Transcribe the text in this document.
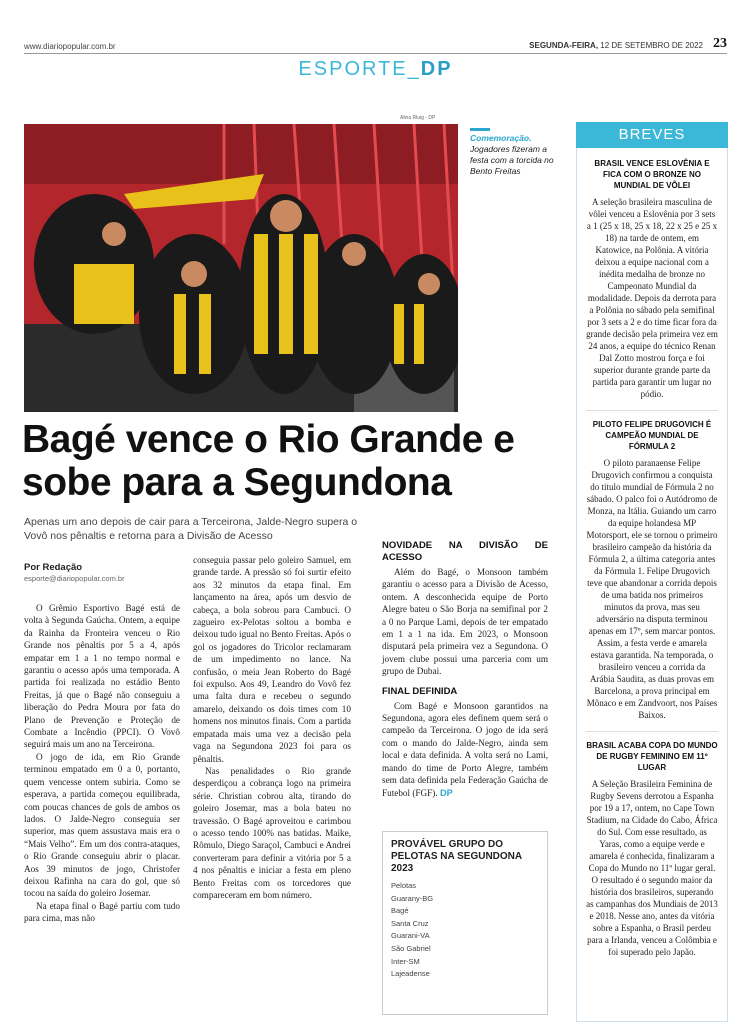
www.diariopopular.com.br	SEGUNDA-FEIRA, 12 DE SETEMBRO DE 2022 23
ESPORTE_DP
Alina Rluig - DP
Comemoração.
Jogadores fizeram a festa com a torcida no Bento Freitas
Bagé vence o Rio Grande e sobe para a Segundona
Apenas um ano depois de cair para a Terceirona, Jalde-Negro supera o Vovô nos pênaltis e retorna para a Divisão de Acesso
Por Redação
esporte@diariopopular.com.br

O Grêmio Esportivo Bagé está de volta à Segunda Gaúcha. Ontem, a equipe da Rainha da Fronteira venceu o Rio Grande nos pênaltis por 5 a 4, após empatar em 1 a 1 no tempo normal e garantiu o acesso após uma temporada. A partida foi realizada no estádio Bento Freitas, já que o Bagé não conseguiu a liberação do Pedra Moura por fata do Plano de Prevenção e Proteção de Combate a Incêndio (PPCI). O Vovô seguirá mais um ano na Terceirona.

O jogo de ida, em Rio Grande terminou empatado em 0 a 0, portanto, quem vencesse ontem subiria. Como se esperava, a partida começou equilibrada, com poucas chances de gols de ambos os lados. O Jalde-Negro conseguia ser superior, mas quem assustava mais era o “Mais Velho”. Em um dos contra-ataques, o Rio Grande conseguiu abrir o placar. Aos 39 minutos de jogo, Christofer deixou Rafinha na cara do gol, que só tocou na saída do goleiro Josemar.

Na etapa final o Bagé partiu com tudo para cima, mas não

conseguia passar pelo goleiro Samuel, em grande tarde. A pressão só foi surtir efeito aos 32 minutos da etapa final. Em lançamento na área, após um desvio de cabeça, a bola sobrou para Cambuci. O zagueiro ex-Pelotas soltou a bomba e deixou tudo igual no Bento Freitas. Após o gol os jogadores do Tricolor reclamaram de um impedimento no lance. Na confusão, o meia Jean Roberto do Bagé foi expulso. Aos 49, Leandro do Vovô fez uma falta dura e recebeu o segundo amarelo, deixando os dois times com 10 homens nos minutos finais. Com a partida empatada mais uma vez a decisão pela vaga na Segundona 2023 foi para os pênaltis.

Nas penalidades o Rio grande desperdiçou a cobrança logo na primeira série. Christian cobrou alta, tirando do goleiro Josemar, mas a bola bateu no travessão. O Bagé aproveitou e carimbou o acesso tendo 100% nas batidas. Maike, Rômulo, Diego Saraçol, Cambuci e Andrei converteram para definir a vitória por 5 a 4 nos pênaltis e iniciar a festa em pleno Bento Freitas com os torcedores que compareceram em bom número.

NOVIDADE NA DIVISÃO DE ACESSO

Além do Bagé, o Monsoon também garantiu o acesso para a Divisão de Acesso, ontem. A desconhecida equipe de Porto Alegre bateu o São Borja na semifinal por 2 a 0 no Parque Lami, depois de ter empatado em 1 a 1 na ida. Em 2023, o Monsoon disputará pela primeira vez a Segundona. O jovem clube possui uma parceria com um grupo de Dubai.

FINAL DEFINIDA

Com Bagé e Monsoon garantidos na Segundona, agora eles definem quem será o campeão da Terceirona. O jogo de ida será com o mando do Jalde-Negro, ainda sem local e data definida. A volta será no Lami, mando do time de Porto Alegre, também sem data definida pela Federação Gaúcha de Futebol (FGF). DP

PROVÁVEL GRUPO DO PELOTAS NA SEGUNDONA 2023
Pelotas
Guarany-BG
Bagé
Santa Cruz
Guarani-VA
São Gabriel
Inter-SM
Lajeadense
BREVES
BRASIL VENCE ESLOVÊNIA E FICA COM O BRONZE NO MUNDIAL DE VÔLEI

A seleção brasileira masculina de vôlei venceu a Eslovênia por 3 sets a 1 (25 x 18, 25 x 18, 22 x 25 e 25 x 18) na tarde de ontem, em Katowice, na Polônia. A vitória deixou a equipe nacional com a inédita medalha de bronze no Campeonato Mundial da modalidade. Depois da derrota para a Polônia no sábado pela semifinal por 3 sets a 2 e do time ficar fora da grande decisão pela primeira vez em 24 anos, a equipe do técnico Renan Dal Zotto mostrou força e foi superior durante grande parte da partida para garantir um lugar no pódio.

PILOTO FELIPE DRUGOVICH É CAMPEÃO MUNDIAL DE FÓRMULA 2

O piloto paranaense Felipe Drugovich confirmou a conquista do título mundial de Fórmula 2 no sábado. O palco foi o Autódromo de Monza, na Itália. Guiando um carro da equipe holandesa MP Motorsport, ele se tornou o primeiro brasileiro campeão da história da Fórmula 2, a última categoria antes da Fórmula 1. Felipe Drugovich teve que abandonar a corrida depois de uma batida nos primeiros minutos da prova, mas seu adversário na disputa terminou apenas em 17º, sem marcar pontos. Assim, a festa verde e amarela estava garantida. Na temporada, o brasileiro venceu a corrida da Arábia Saudita, as duas provas em Barcelona, a prova principal em Mônaco e em Zandvoort, nos Países Baixos.

BRASIL ACABA COPA DO MUNDO DE RUGBY FEMININO EM 11º LUGAR

A Seleção Brasileira Feminina de Rugby Sevens derrotou a Espanha por 19 a 17, ontem, no Cape Town Stadium, na Cidade do Cabo, África do Sul. Com esse resultado, as Yaras, como a equipe verde e amarela é conhecida, finalizaram a Copa do Mundo no 11º lugar geral. O resultado é o segundo maior da história dos brasileiros, superando as campanhas dos Mundiais de 2013 e 2018. Nesse ano, antes da vitória sobre a Espanha, o Brasil perdeu para a Irlanda, venceu a Colômbia e foi superado pelo Japão.
